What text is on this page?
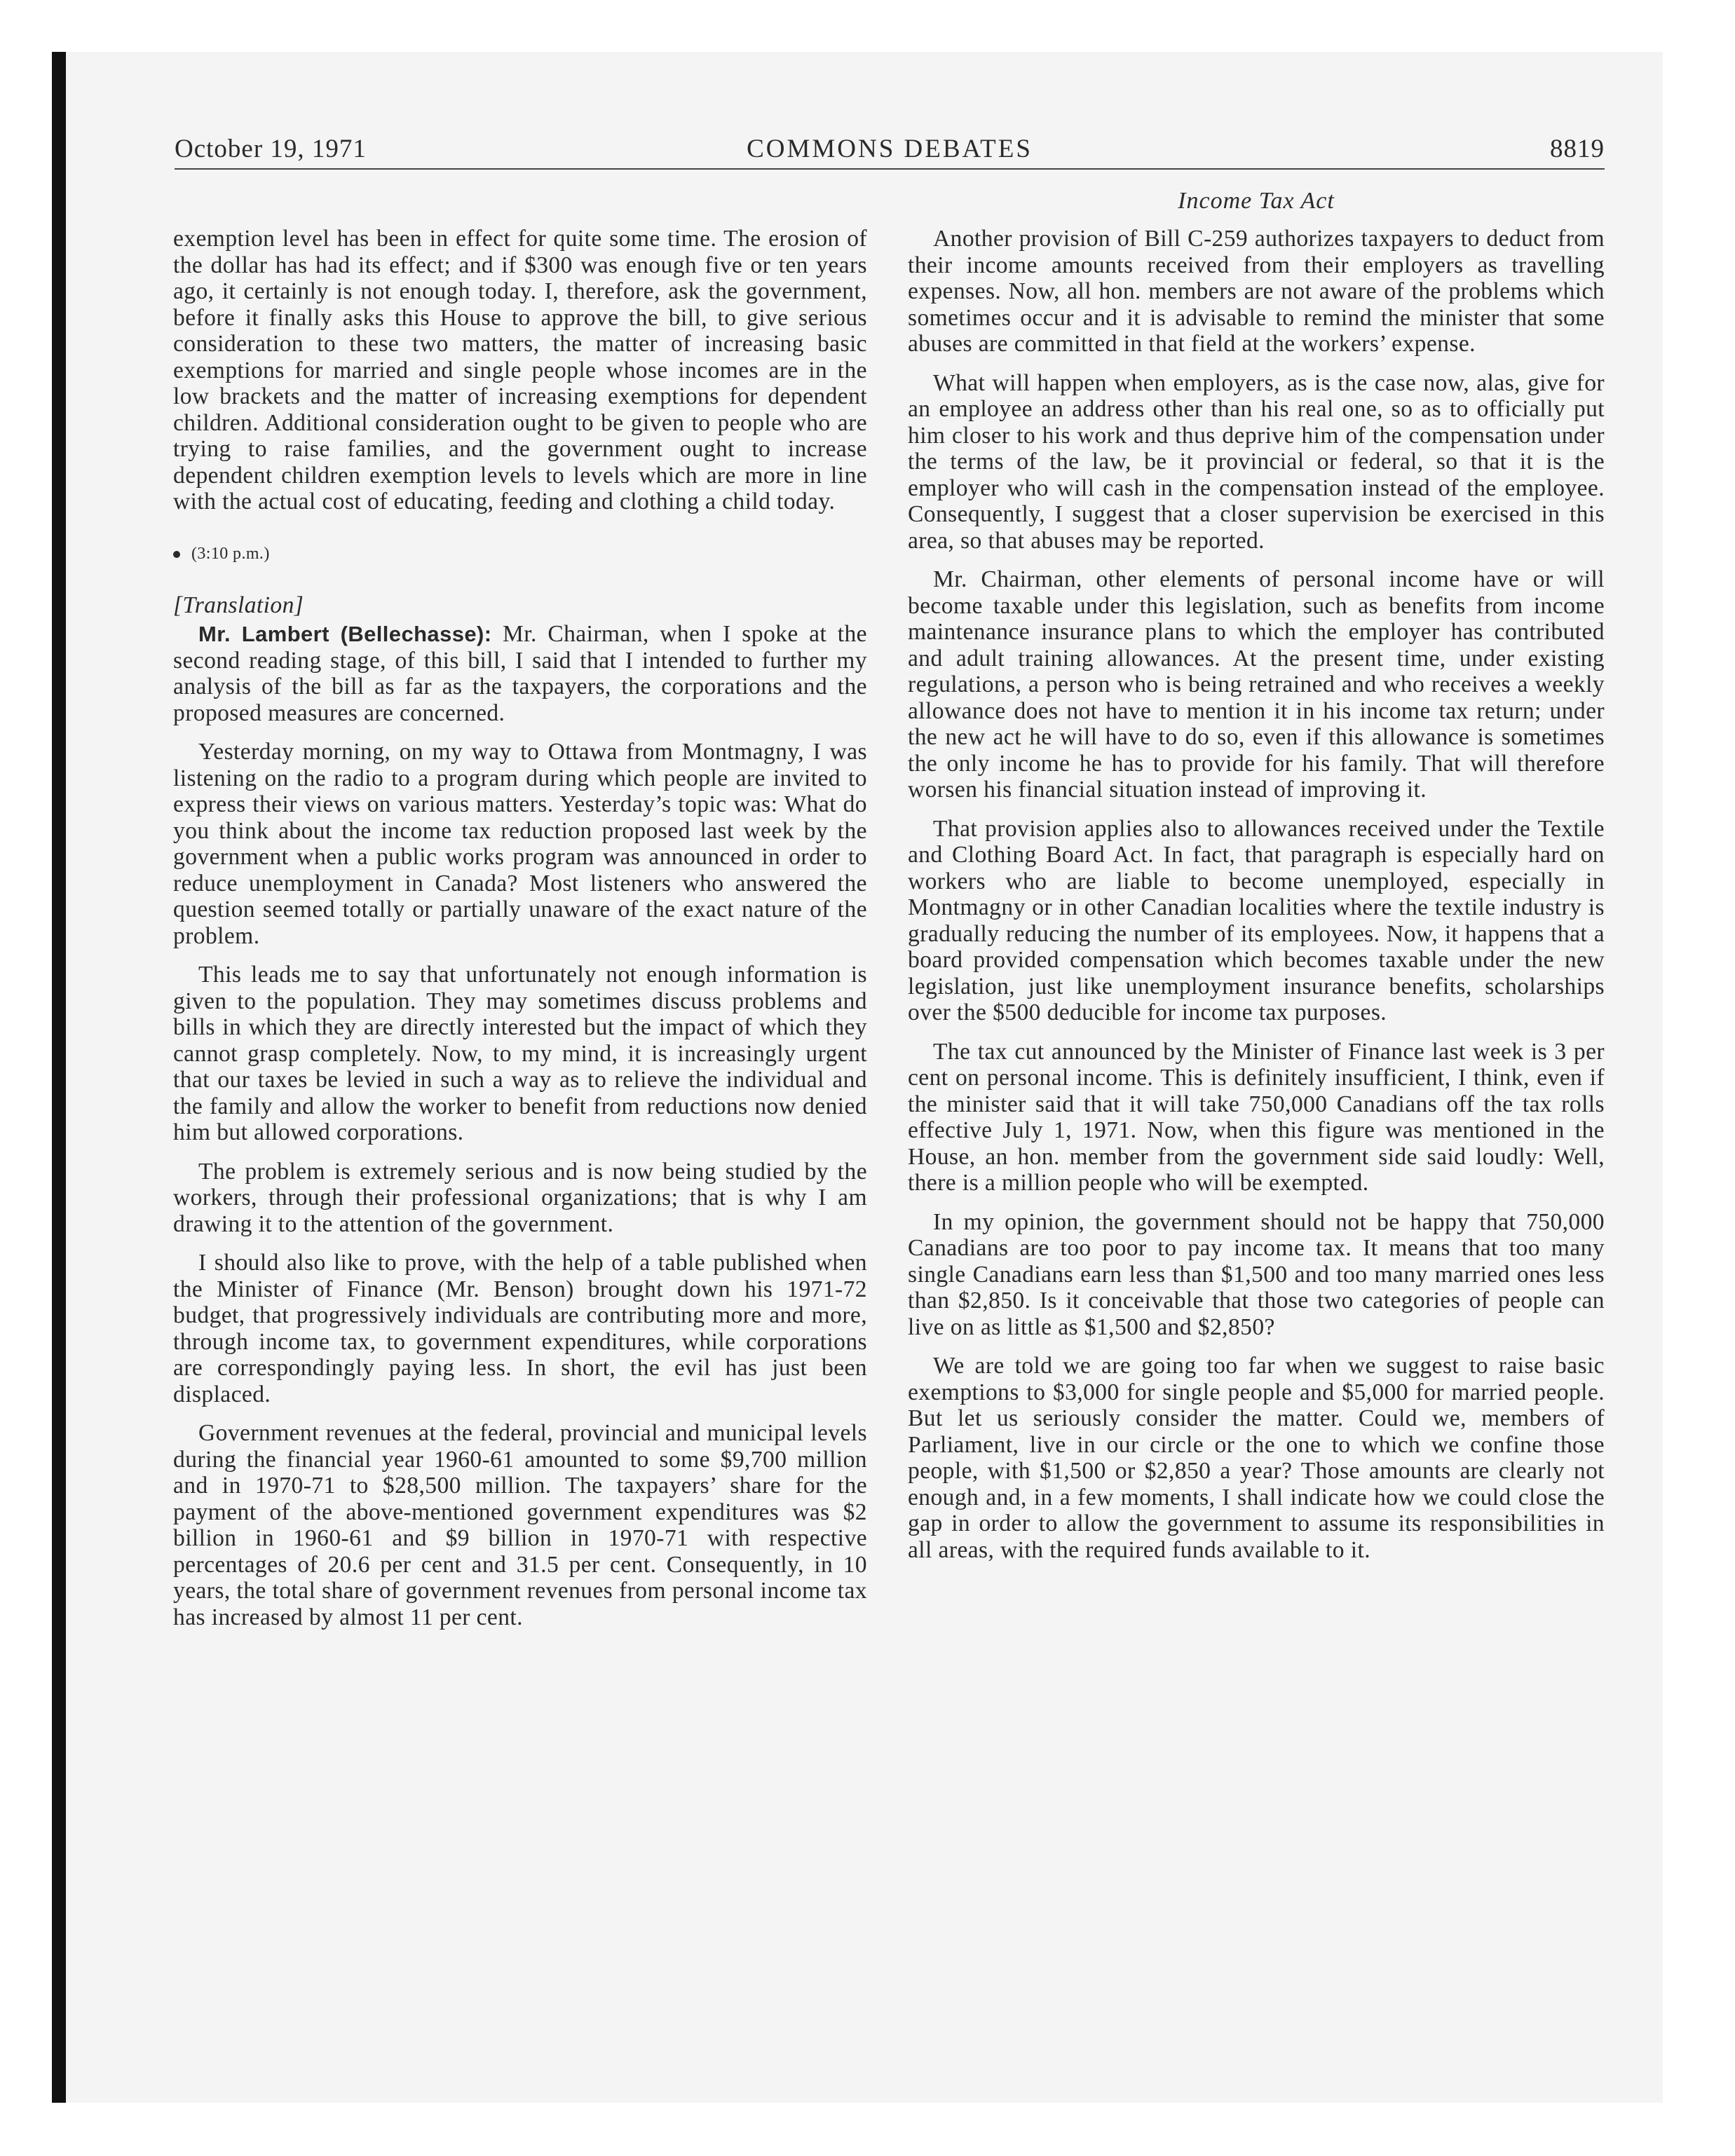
October 19, 1971	COMMONS DEBATES	8819
Income Tax Act

exemption level has been in effect for quite some time. The erosion of the dollar has had its effect; and if $300 was enough five or ten years ago, it certainly is not enough today. I, therefore, ask the government, before it finally asks this House to approve the bill, to give serious consideration to these two matters, the matter of increasing basic exemptions for married and single people whose incomes are in the low brackets and the matter of increasing exemptions for dependent children. Additional consideration ought to be given to people who are trying to raise families, and the government ought to increase dependent children exemption levels to levels which are more in line with the actual cost of educating, feeding and clothing a child today.

(3:10 p.m.)
[Translation]

Mr. Lambert (Bellechasse): Mr. Chairman, when I spoke at the second reading stage, of this bill, I said that I intended to further my analysis of the bill as far as the taxpayers, the corporations and the proposed measures are concerned.

Yesterday morning, on my way to Ottawa from Montmagny, I was listening on the radio to a program during which people are invited to express their views on various matters. Yesterday’s topic was: What do you think about the income tax reduction proposed last week by the government when a public works program was announced in order to reduce unemployment in Canada? Most listeners who answered the question seemed totally or partially unaware of the exact nature of the problem.

This leads me to say that unfortunately not enough information is given to the population. They may sometimes discuss problems and bills in which they are directly interested but the impact of which they cannot grasp completely. Now, to my mind, it is increasingly urgent that our taxes be levied in such a way as to relieve the individual and the family and allow the worker to benefit from reductions now denied him but allowed corporations.

The problem is extremely serious and is now being studied by the workers, through their professional organizations; that is why I am drawing it to the attention of the government.

I should also like to prove, with the help of a table published when the Minister of Finance (Mr. Benson) brought down his 1971-72 budget, that progressively individuals are contributing more and more, through income tax, to government expenditures, while corporations are correspondingly paying less. In short, the evil has just been displaced.

Government revenues at the federal, provincial and municipal levels during the financial year 1960-61 amounted to some $9,700 million and in 1970-71 to $28,500 million. The taxpayers’ share for the payment of the above-mentioned government expenditures was $2 billion in 1960-61 and $9 billion in 1970-71 with respective percentages of 20.6 per cent and 31.5 per cent. Consequently, in 10 years, the total share of government revenues from personal income tax has increased by almost 11 per cent.

Another provision of Bill C-259 authorizes taxpayers to deduct from their income amounts received from their employers as travelling expenses. Now, all hon. members are not aware of the problems which sometimes occur and it is advisable to remind the minister that some abuses are committed in that field at the workers’ expense.

What will happen when employers, as is the case now, alas, give for an employee an address other than his real one, so as to officially put him closer to his work and thus deprive him of the compensation under the terms of the law, be it provincial or federal, so that it is the employer who will cash in the compensation instead of the employee. Consequently, I suggest that a closer supervision be exercised in this area, so that abuses may be reported.

Mr. Chairman, other elements of personal income have or will become taxable under this legislation, such as benefits from income maintenance insurance plans to which the employer has contributed and adult training allowances. At the present time, under existing regulations, a person who is being retrained and who receives a weekly allowance does not have to mention it in his income tax return; under the new act he will have to do so, even if this allowance is sometimes the only income he has to provide for his family. That will therefore worsen his financial situation instead of improving it.

That provision applies also to allowances received under the Textile and Clothing Board Act. In fact, that paragraph is especially hard on workers who are liable to become unemployed, especially in Montmagny or in other Canadian localities where the textile industry is gradually reducing the number of its employees. Now, it happens that a board provided compensation which becomes taxable under the new legislation, just like unemployment insurance benefits, scholarships over the $500 deducible for income tax purposes.

The tax cut announced by the Minister of Finance last week is 3 per cent on personal income. This is definitely insufficient, I think, even if the minister said that it will take 750,000 Canadians off the tax rolls effective July 1, 1971. Now, when this figure was mentioned in the House, an hon. member from the government side said loudly: Well, there is a million people who will be exempted.

In my opinion, the government should not be happy that 750,000 Canadians are too poor to pay income tax. It means that too many single Canadians earn less than $1,500 and too many married ones less than $2,850. Is it conceivable that those two categories of people can live on as little as $1,500 and $2,850?

We are told we are going too far when we suggest to raise basic exemptions to $3,000 for single people and $5,000 for married people. But let us seriously consider the matter. Could we, members of Parliament, live in our circle or the one to which we confine those people, with $1,500 or $2,850 a year? Those amounts are clearly not enough and, in a few moments, I shall indicate how we could close the gap in order to allow the government to assume its responsibilities in all areas, with the required funds available to it.
